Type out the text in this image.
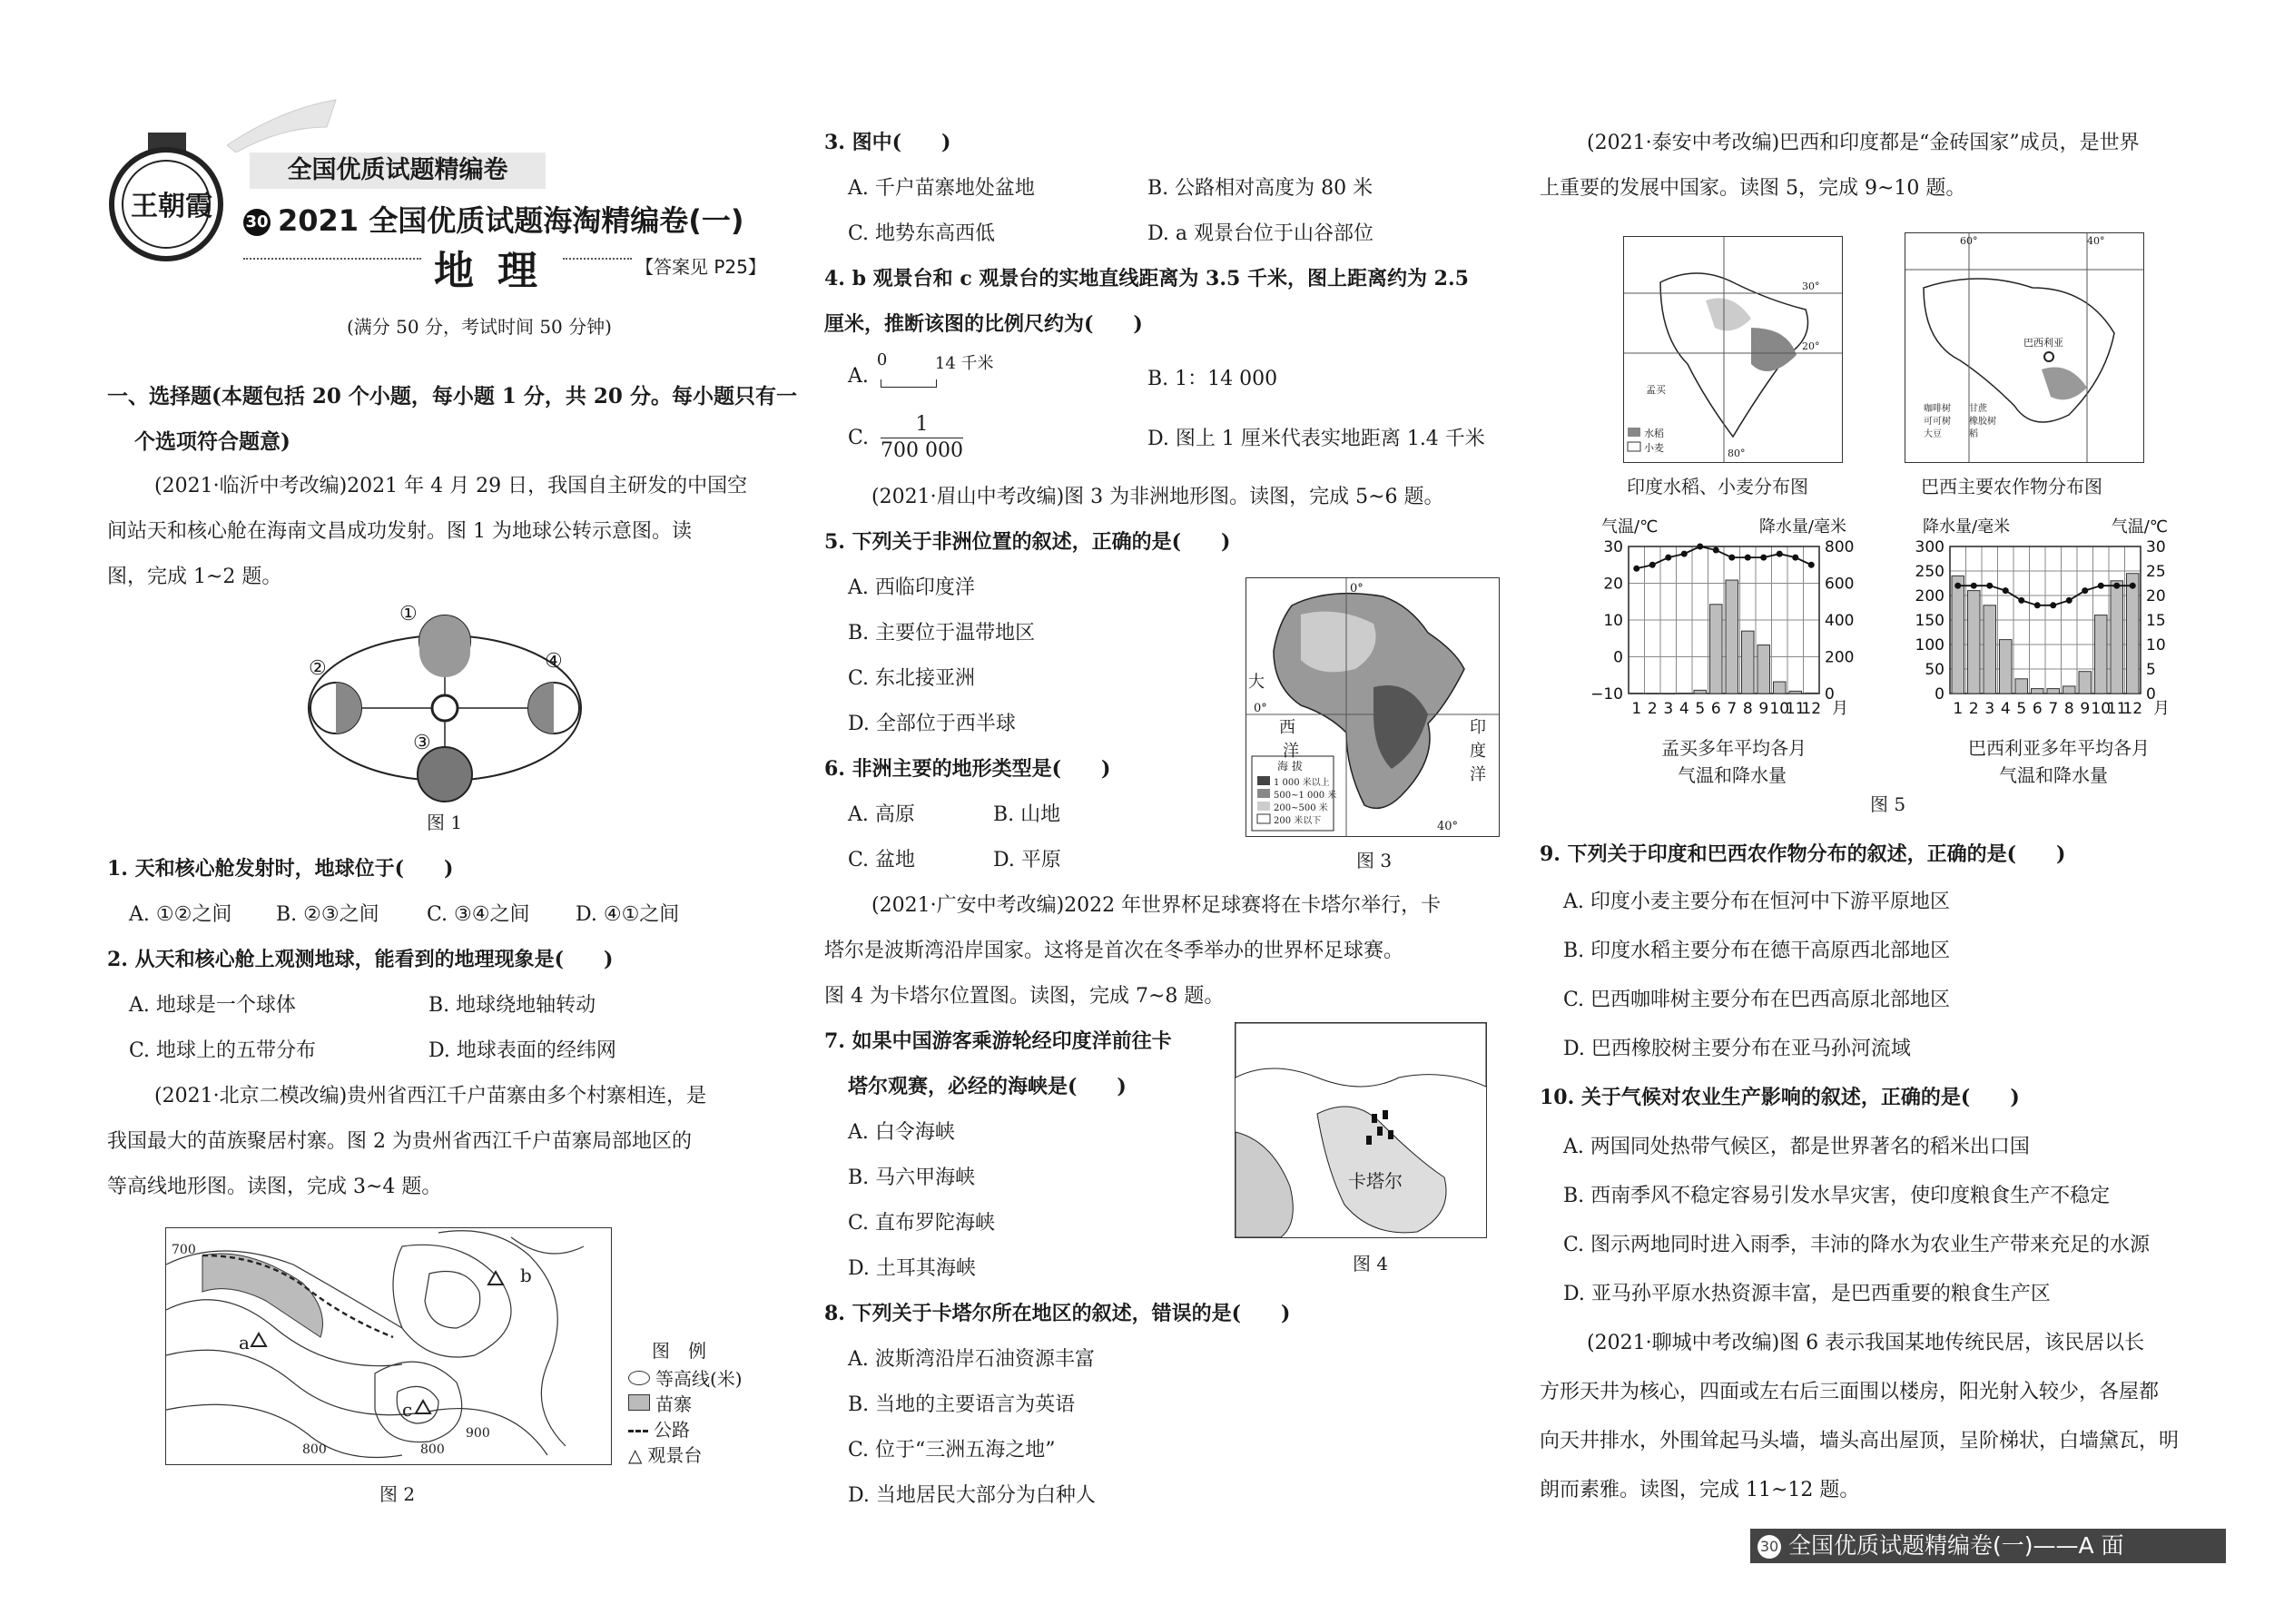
王朝霞
全国优质试题精编卷
30 2021 全国优质试题海淘精编卷(一)
地理	【答案见 P25】
(满分 50 分，考试时间 50 分钟)
一、选择题(本题包括 20 个小题，每小题 1 分，共 20 分。每小题只有一
个选项符合题意)
(2021·临沂中考改编)2021 年 4 月 29 日，我国自主研发的中国空
间站天和核心舱在海南文昌成功发射。图 1 为地球公转示意图。读
图，完成 1~2 题。
①
②
③
④
图 1
1. 天和核心舱发射时，地球位于(　　)
A. ①②之间 B. ②③之间 C. ③④之间 D. ④①之间
2. 从天和核心舱上观测地球，能看到的地理现象是(　　)
A. 地球是一个球体	B. 地球绕地轴转动
C. 地球上的五带分布	D. 地球表面的经纬网
(2021·北京二模改编)贵州省西江千户苗寨由多个村寨相连，是
我国最大的苗族聚居村寨。图 2 为贵州省西江千户苗寨局部地区的
等高线地形图。读图，完成 3~4 题。
700
800	800
900
a
b
c
图　例
等高线(米)
苗寨
公路
△ 观景台
图 2
3. 图中(　　)
A. 千户苗寨地处盆地	B. 公路相对高度为 80 米
C. 地势东高西低	D. a 观景台位于山谷部位
4. b 观景台和 c 观景台的实地直线距离为 3.5 千米，图上距离约为 2.5
厘米，推断该图的比例尺约为(　　)
A.
0	14 千米
B. 1：14 000
C. $\frac{1}{700 000}$	D. 图上 1 厘米代表实地距离 1.4 千米
(2021·眉山中考改编)图 3 为非洲地形图。读图，完成 5~6 题。
5. 下列关于非洲位置的叙述，正确的是(　　)
A. 西临印度洋
B. 主要位于温带地区
C. 东北接亚洲
D. 全部位于西半球
6. 非洲主要的地形类型是(　　)
A. 高原	B. 山地
C. 盆地	D. 平原
海 拔
1 000 米以上
500~1 000 米
200~500 米
200 米以下
0°
0°
40°
大
西
洋
印
度
洋
图 3
(2021·广安中考改编)2022 年世界杯足球赛将在卡塔尔举行，卡
塔尔是波斯湾沿岸国家。这将是首次在冬季举办的世界杯足球赛。
图 4 为卡塔尔位置图。读图，完成 7~8 题。
7. 如果中国游客乘游轮经印度洋前往卡
塔尔观赛，必经的海峡是(　　)
A. 白令海峡
B. 马六甲海峡
C. 直布罗陀海峡
D. 土耳其海峡
卡塔尔
图 4
8. 下列关于卡塔尔所在地区的叙述，错误的是(　　)
A. 波斯湾沿岸石油资源丰富
B. 当地的主要语言为英语
C. 位于“三洲五海之地”
D. 当地居民大部分为白种人
(2021·泰安中考改编)巴西和印度都是“金砖国家”成员，是世界
上重要的发展中国家。读图 5，完成 9~10 题。
30°
20°
孟买
80°
水稻
小麦
印度水稻、小麦分布图
60°	40°
巴西利亚
咖啡树 甘蔗
可可树 橡胶树
大豆	稻
巴西主要农作物分布图
气温/℃	降水量/毫米
30	800
20	600
10	400
0	200
−10	0
1 2 3 4 5 6 7 8 9 10
11
12 月
孟买多年平均各月
气温和降水量
降水量/毫米	气温/℃
300	30
250	25
200	20
150	15
100	10
50	5
0	0
1 2 3 4 5 6 7 8 9 10
11
12 月
巴西利亚多年平均各月
气温和降水量
图 5
9. 下列关于印度和巴西农作物分布的叙述，正确的是(　　)
A. 印度小麦主要分布在恒河中下游平原地区
B. 印度水稻主要分布在德干高原西北部地区
C. 巴西咖啡树主要分布在巴西高原北部地区
D. 巴西橡胶树主要分布在亚马孙河流域
10. 关于气候对农业生产影响的叙述，正确的是(　　)
A. 两国同处热带气候区，都是世界著名的稻米出口国
B. 西南季风不稳定容易引发水旱灾害，使印度粮食生产不稳定
C. 图示两地同时进入雨季，丰沛的降水为农业生产带来充足的水源
D. 亚马孙平原水热资源丰富，是巴西重要的粮食生产区
(2021·聊城中考改编)图 6 表示我国某地传统民居，该民居以长
方形天井为核心，四面或左右后三面围以楼房，阳光射入较少，各屋都
向天井排水，外围耸起马头墙，墙头高出屋顶，呈阶梯状，白墙黛瓦，明
朗而素雅。读图，完成 11~12 题。
30 全国优质试题精编卷(一)——A 面
